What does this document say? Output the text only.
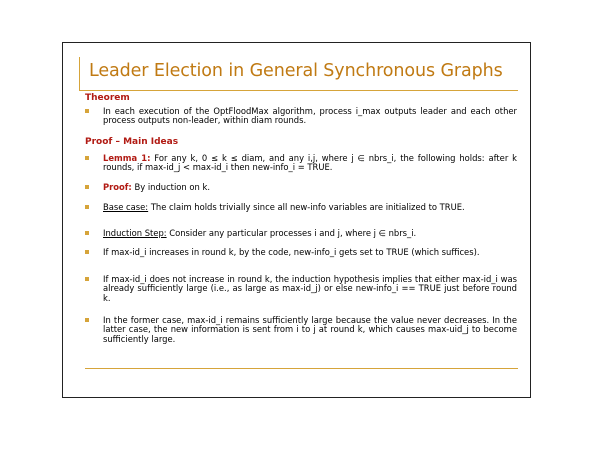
Leader Election in General Synchronous Graphs
Theorem
In each execution of the OptFloodMax algorithm, process i_max outputs leader and each other process outputs non-leader, within diam rounds.
Proof – Main Ideas
Lemma 1: For any k, 0 ≤ k ≤ diam, and any i,j, where j ∈ nbrs_i, the following holds: after k rounds, if max-id_j < max-id_i then new-info_i = TRUE.
Proof: By induction on k.
Base case: The claim holds trivially since all new-info variables are initialized to TRUE.
Induction Step: Consider any particular processes i and j, where j ∈ nbrs_i.
If max-id_i increases in round k, by the code, new-info_i gets set to TRUE (which suffices).
If max-id_i does not increase in round k, the induction hypothesis implies that either max-id_i was already sufficiently large (i.e., as large as max-id_j) or else new-info_i == TRUE just before round k.
In the former case, max-id_i remains sufficiently large because the value never decreases. In the latter case, the new information is sent from i to j at round k, which causes max-uid_j to become sufficiently large.
